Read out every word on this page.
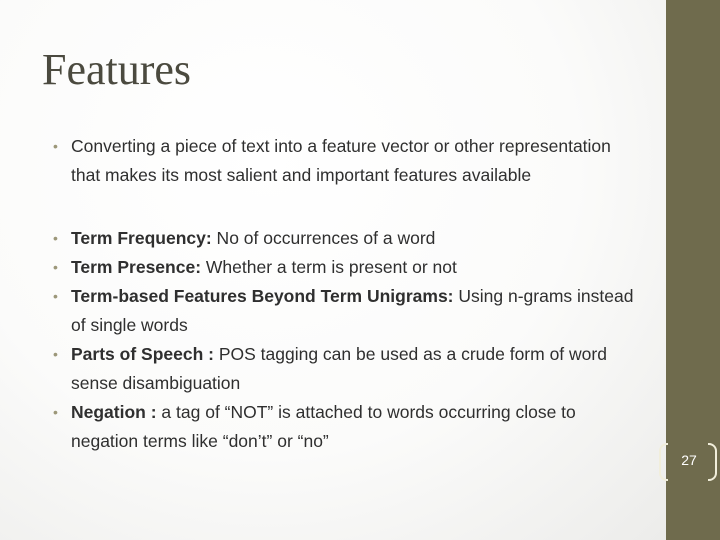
Features
• Converting a piece of text into a feature vector or other representation that makes its most salient and important features available
• Term Frequency: No of occurrences of a word
• Term Presence: Whether a term is present or not
• Term-based Features Beyond Term Unigrams: Using n-grams instead of single words
• Parts of Speech : POS tagging can be used as a crude form of word sense disambiguation
• Negation : a tag of “NOT” is attached to words occurring close to negation terms like “don’t” or “no”
27
